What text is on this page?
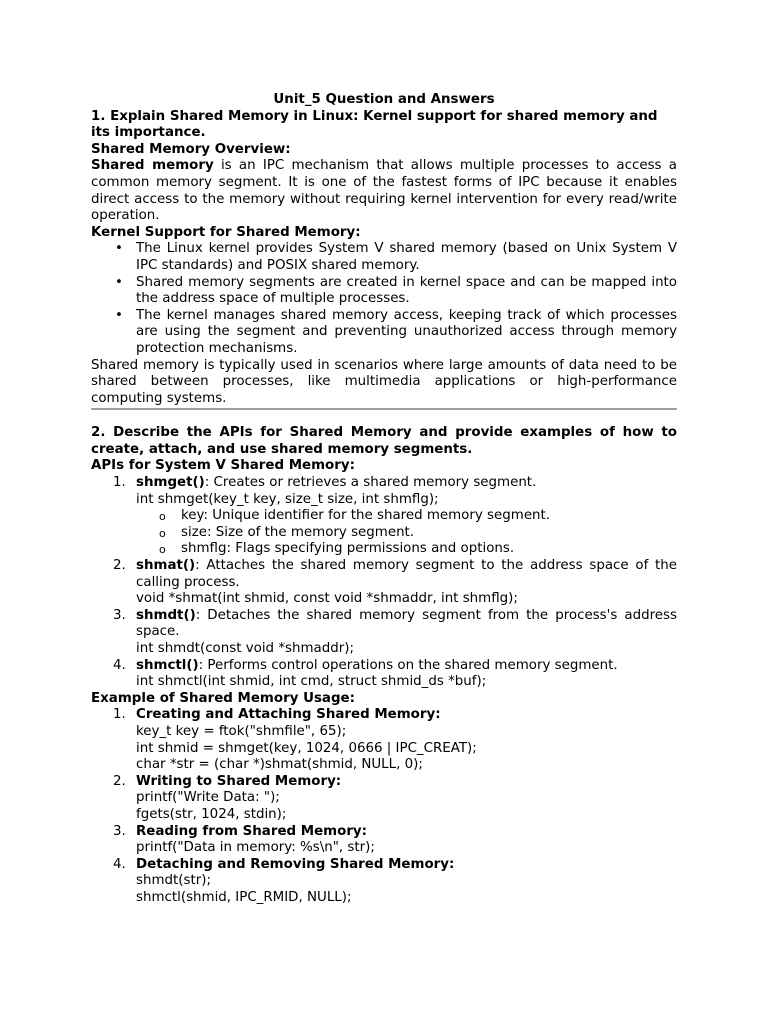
Unit_5 Question and Answers
1. Explain Shared Memory in Linux: Kernel support for shared memory and its importance.
Shared Memory Overview:
Shared memory is an IPC mechanism that allows multiple processes to access a common memory segment. It is one of the fastest forms of IPC because it enables direct access to the memory without requiring kernel intervention for every read/write operation.
Kernel Support for Shared Memory:
• The Linux kernel provides System V shared memory (based on Unix System V IPC standards) and POSIX shared memory.
• Shared memory segments are created in kernel space and can be mapped into the address space of multiple processes.
• The kernel manages shared memory access, keeping track of which processes are using the segment and preventing unauthorized access through memory protection mechanisms.
Shared memory is typically used in scenarios where large amounts of data need to be shared between processes, like multimedia applications or high-performance computing systems.
2. Describe the APIs for Shared Memory and provide examples of how to create, attach, and use shared memory segments.
APIs for System V Shared Memory:
1. shmget(): Creates or retrieves a shared memory segment.
int shmget(key_t key, size_t size, int shmflg);
o key: Unique identifier for the shared memory segment.
o size: Size of the memory segment.
o shmflg: Flags specifying permissions and options.
2. shmat(): Attaches the shared memory segment to the address space of the calling process.
void *shmat(int shmid, const void *shmaddr, int shmflg);
3. shmdt(): Detaches the shared memory segment from the process's address space.
int shmdt(const void *shmaddr);
4. shmctl(): Performs control operations on the shared memory segment.
int shmctl(int shmid, int cmd, struct shmid_ds *buf);
Example of Shared Memory Usage:
1. Creating and Attaching Shared Memory:
key_t key = ftok("shmfile", 65);
int shmid = shmget(key, 1024, 0666 | IPC_CREAT);
char *str = (char *)shmat(shmid, NULL, 0);
2. Writing to Shared Memory:
printf("Write Data: ");
fgets(str, 1024, stdin);
3. Reading from Shared Memory:
printf("Data in memory: %s\n", str);
4. Detaching and Removing Shared Memory:
shmdt(str);
shmctl(shmid, IPC_RMID, NULL);
